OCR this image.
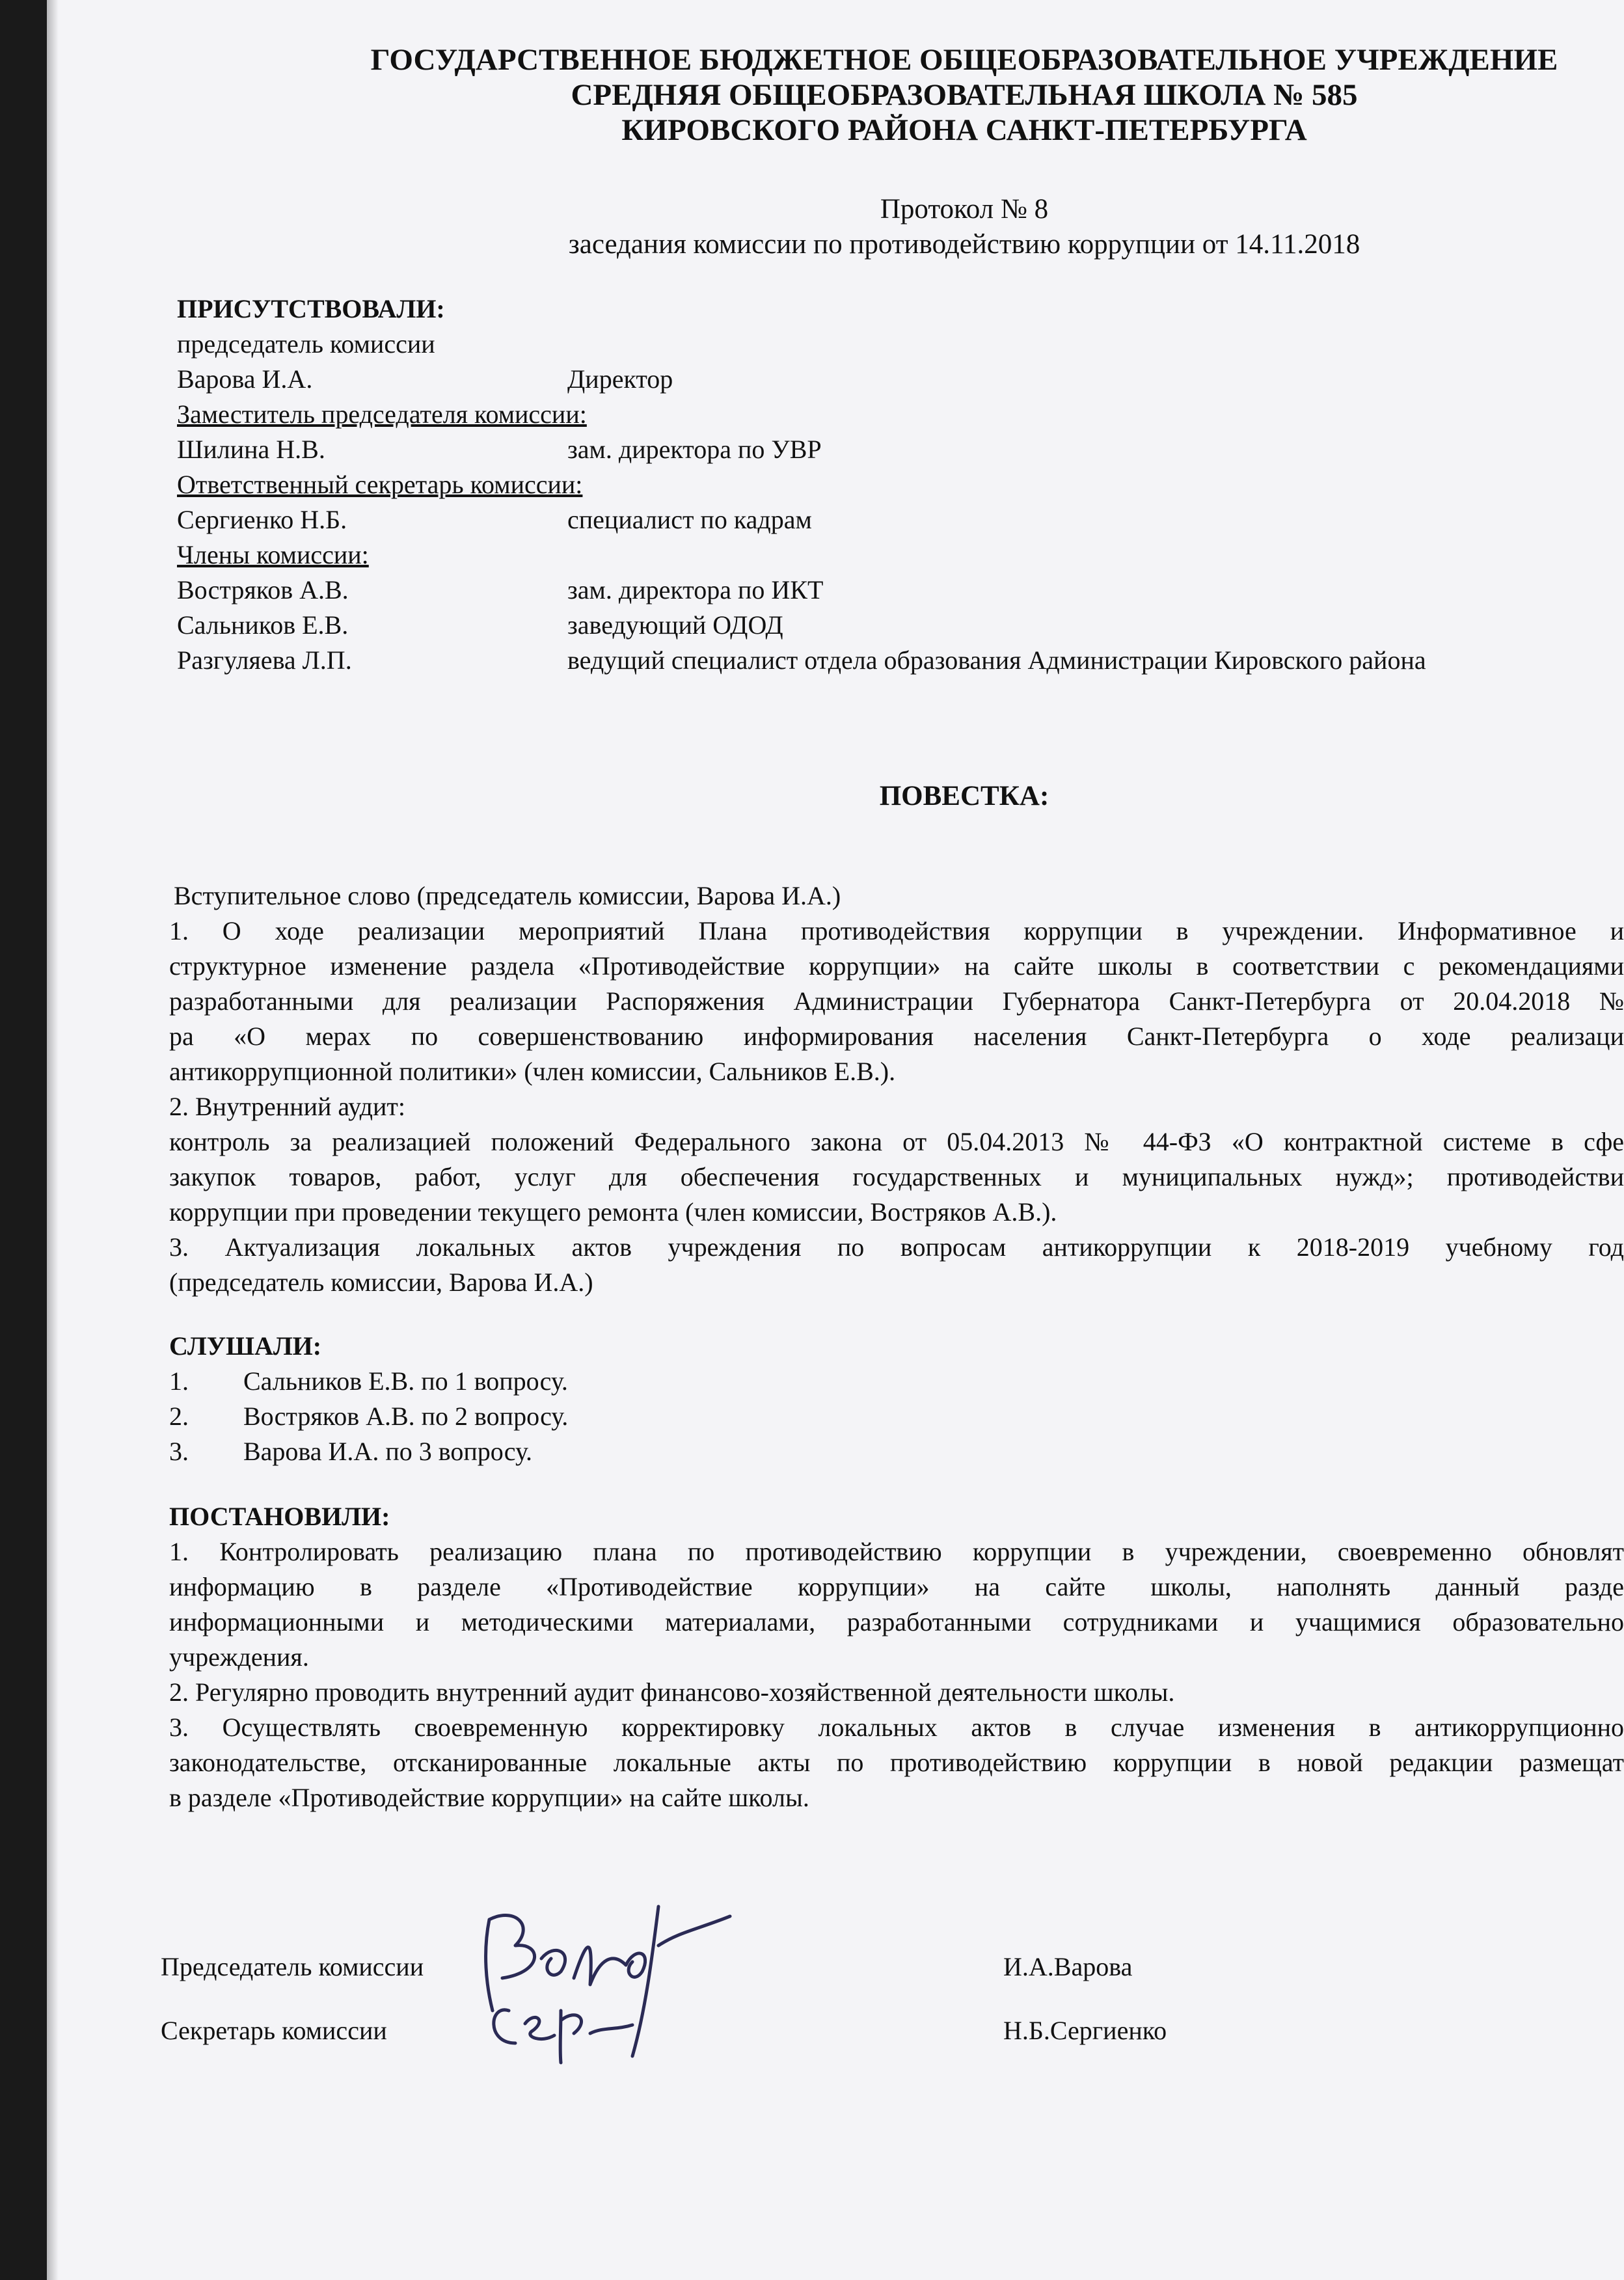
ГОСУДАРСТВЕННОЕ БЮДЖЕТНОЕ ОБЩЕОБРАЗОВАТЕЛЬНОЕ УЧРЕЖДЕНИЕ
СРЕДНЯЯ ОБЩЕОБРАЗОВАТЕЛЬНАЯ ШКОЛА № 585
КИРОВСКОГО РАЙОНА САНКТ-ПЕТЕРБУРГА
Протокол № 8
заседания комиссии по противодействию коррупции от 14.11.2018
ПРИСУТСТВОВАЛИ:
председатель комиссии
Варова И.А.	Директор
Заместитель председателя комиссии:
Шилина Н.В.	зам. директора по УВР
Ответственный секретарь комиссии:
Сергиенко Н.Б.	специалист по кадрам
Члены комиссии:
Востряков А.В.	зам. директора по ИКТ
Сальников Е.В.	заведующий ОДОД
Разгуляева Л.П.	ведущий специалист отдела образования Администрации Кировского района
ПОВЕСТКА:
Вступительное слово (председатель комиссии, Варова И.А.)
1. О ходе реализации мероприятий Плана противодействия коррупции в учреждении. Информативное и
структурное изменение раздела «Противодействие коррупции» на сайте школы в соответствии с рекомендациями
разработанными для реализации Распоряжения Администрации Губернатора Санкт-Петербурга от 20.04.2018 №
ра «О мерах по совершенствованию информирования населения Санкт-Петербурга о ходе реализаци
антикоррупционной политики» (член комиссии, Сальников Е.В.).
2. Внутренний аудит:
контроль за реализацией положений Федерального закона от 05.04.2013 № 44-ФЗ «О контрактной системе в сфе
закупок товаров, работ, услуг для обеспечения государственных и муниципальных нужд»; противодействи
коррупции при проведении текущего ремонта (член комиссии, Востряков А.В.).
3. Актуализация локальных актов учреждения по вопросам антикоррупции к 2018-2019 учебному год
(председатель комиссии, Варова И.А.)
СЛУШАЛИ:
1. Сальников Е.В. по 1 вопросу.
2. Востряков А.В. по 2 вопросу.
3. Варова И.А. по 3 вопросу.
ПОСТАНОВИЛИ:
1. Контролировать реализацию плана по противодействию коррупции в учреждении, своевременно обновлят
информацию в разделе «Противодействие коррупции» на сайте школы, наполнять данный разде
информационными и методическими материалами, разработанными сотрудниками и учащимися образовательно
учреждения.
2. Регулярно проводить внутренний аудит финансово-хозяйственной деятельности школы.
3. Осуществлять своевременную корректировку локальных актов в случае изменения в антикоррупционно
законодательстве, отсканированные локальные акты по противодействию коррупции в новой редакции размещат
в разделе «Противодействие коррупции» на сайте школы.
Председатель комиссии	И.А.Варова
Секретарь комиссии	Н.Б.Сергиенко
